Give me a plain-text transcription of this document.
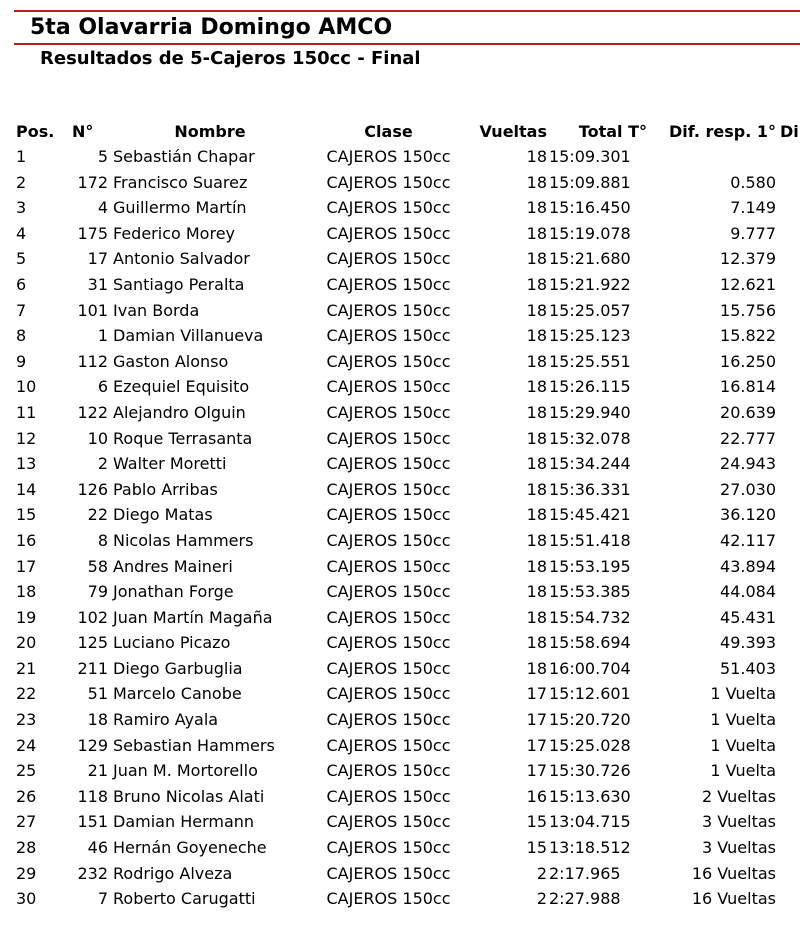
5ta Olavarria Domingo AMCO
Resultados de 5-Cajeros 150cc - Final
Pos.	N°	Nombre	Clase	Vueltas	Total T°	Dif. resp. 1°	Di
1	5	Sebastián Chapar	CAJEROS 150cc	18	15:09.301		
2	172	Francisco Suarez	CAJEROS 150cc	18	15:09.881	0.580	
3	4	Guillermo Martín	CAJEROS 150cc	18	15:16.450	7.149	
4	175	Federico Morey	CAJEROS 150cc	18	15:19.078	9.777	
5	17	Antonio Salvador	CAJEROS 150cc	18	15:21.680	12.379	
6	31	Santiago Peralta	CAJEROS 150cc	18	15:21.922	12.621	
7	101	Ivan Borda	CAJEROS 150cc	18	15:25.057	15.756	
8	1	Damian Villanueva	CAJEROS 150cc	18	15:25.123	15.822	
9	112	Gaston Alonso	CAJEROS 150cc	18	15:25.551	16.250	
10	6	Ezequiel Equisito	CAJEROS 150cc	18	15:26.115	16.814	
11	122	Alejandro Olguin	CAJEROS 150cc	18	15:29.940	20.639	
12	10	Roque Terrasanta	CAJEROS 150cc	18	15:32.078	22.777	
13	2	Walter Moretti	CAJEROS 150cc	18	15:34.244	24.943	
14	126	Pablo Arribas	CAJEROS 150cc	18	15:36.331	27.030	
15	22	Diego Matas	CAJEROS 150cc	18	15:45.421	36.120	
16	8	Nicolas Hammers	CAJEROS 150cc	18	15:51.418	42.117	
17	58	Andres Maineri	CAJEROS 150cc	18	15:53.195	43.894	
18	79	Jonathan Forge	CAJEROS 150cc	18	15:53.385	44.084	
19	102	Juan Martín Magaña	CAJEROS 150cc	18	15:54.732	45.431	
20	125	Luciano Picazo	CAJEROS 150cc	18	15:58.694	49.393	
21	211	Diego Garbuglia	CAJEROS 150cc	18	16:00.704	51.403	
22	51	Marcelo Canobe	CAJEROS 150cc	17	15:12.601	1 Vuelta	
23	18	Ramiro Ayala	CAJEROS 150cc	17	15:20.720	1 Vuelta	
24	129	Sebastian Hammers	CAJEROS 150cc	17	15:25.028	1 Vuelta	
25	21	Juan M. Mortorello	CAJEROS 150cc	17	15:30.726	1 Vuelta	
26	118	Bruno Nicolas Alati	CAJEROS 150cc	16	15:13.630	2 Vueltas	
27	151	Damian Hermann	CAJEROS 150cc	15	13:04.715	3 Vueltas	
28	46	Hernán Goyeneche	CAJEROS 150cc	15	13:18.512	3 Vueltas	
29	232	Rodrigo Alveza	CAJEROS 150cc	2	2:17.965	16 Vueltas	
30	7	Roberto Carugatti	CAJEROS 150cc	2	2:27.988	16 Vueltas	
